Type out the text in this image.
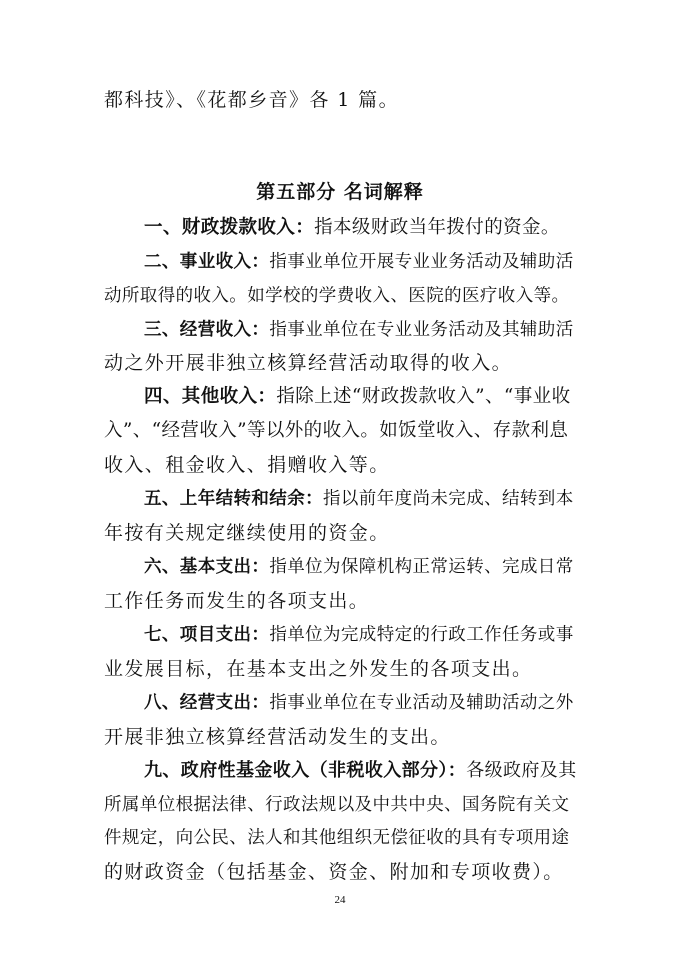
都科技》、《花都乡音》各 1 篇。
第五部分 名词解释
一、财政拨款收入：指本级财政当年拨付的资金。
二、事业收入：指事业单位开展专业业务活动及辅助活
动所取得的收入。如学校的学费收入、医院的医疗收入等。
三、经营收入：指事业单位在专业业务活动及其辅助活
动之外开展非独立核算经营活动取得的收入。
四、其他收入：指除上述“财政拨款收入”、“事业收
入”、“经营收入”等以外的收入。如饭堂收入、存款利息
收入、租金收入、捐赠收入等。
五、上年结转和结余：指以前年度尚未完成、结转到本
年按有关规定继续使用的资金。
六、基本支出：指单位为保障机构正常运转、完成日常
工作任务而发生的各项支出。
七、项目支出：指单位为完成特定的行政工作任务或事
业发展目标，在基本支出之外发生的各项支出。
八、经营支出：指事业单位在专业活动及辅助活动之外
开展非独立核算经营活动发生的支出。
九、政府性基金收入（非税收入部分）：各级政府及其
所属单位根据法律、行政法规以及中共中央、国务院有关文
件规定，向公民、法人和其他组织无偿征收的具有专项用途
的财政资金（包括基金、资金、附加和专项收费）。
24
